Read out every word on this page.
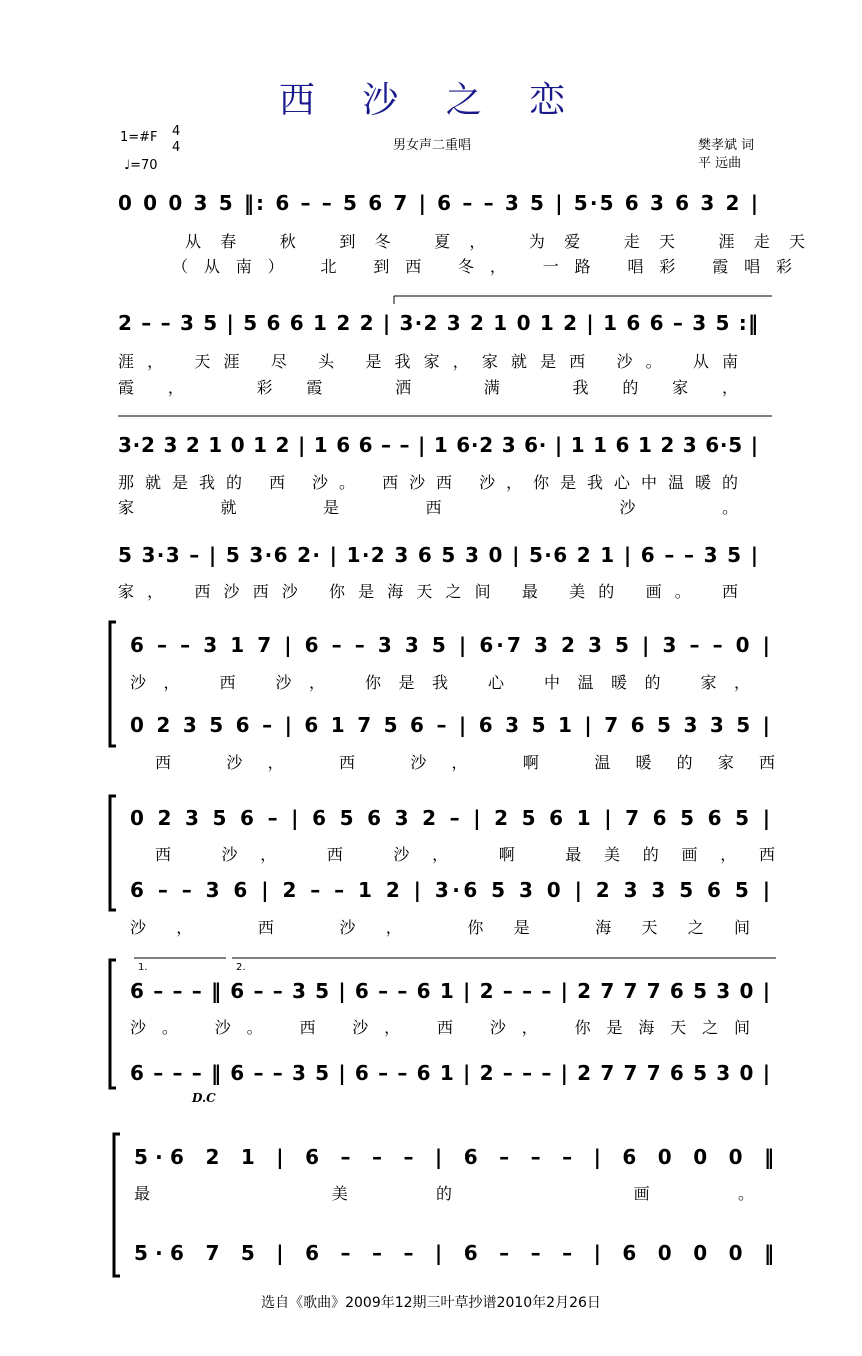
西 沙 之 恋
1=#F 4
4
♩=70
男女声二重唱	樊孝斌 词
平 远曲
0 0 0 3 5 ‖: 6 – – 5 6 7 | 6 – – 3 5 | 5·5 6 3 6 3 2 |
从春 秋 到冬 夏， 为爱 走天 涯走天
（从南） 北 到西 冬， 一路 唱彩 霞唱彩
2 – – 3 5 | 5 6 6 1 2 2 | 3·2 3 2 1 0 1 2 | 1 6 6 – 3 5 :‖
涯， 天涯 尽 头 是我家，家就是西 沙。 从南
霞， 彩霞 洒 满 我的家，
3·2 3 2 1 0 1 2 | 1 6 6 – – | 1 6·2 3 6· | 1 1 6 1 2 3 6·5 |
那就是我的 西 沙。 西沙西 沙，你是我心中温暖的
家就是西 沙。
5 3·3 – | 5 3·6 2· | 1·2 3 6 5 3 0 | 5·6 2 1 | 6 – – 3 5 |
家， 西沙西沙 你是海天之间 最 美的 画。 西
6 – – 3 1 7 | 6 – – 3 3 5 | 6·7 3 2 3 5 | 3 – – 0 |
沙， 西 沙， 你是我 心 中温暖的 家，
0 2 3 5 6 – | 6 1 7 5 6 – | 6 3 5 1 | 7 6 5 3 3 5 |
西 沙， 西 沙， 啊 温暖的家西
0 2 3 5 6 – | 6 5 6 3 2 – | 2 5 6 1 | 7 6 5 6 5 |
西 沙， 西 沙， 啊 最美的画，西
6 – – 3 6 | 2 – – 1 2 | 3·6 5 3 0 | 2 3 3 5 6 5 |
沙， 西 沙， 你是 海天之间
1.	2.
6 – – – ‖ 6 – – 3 5 | 6 – – 6 1 | 2 – – – | 2 7 7 7 6 5 3 0 |
沙。 沙。 西 沙， 西 沙， 你是海天之间
6 – – – ‖ 6 – – 3 5 | 6 – – 6 1 | 2 – – – | 2 7 7 7 6 5 3 0 |
D.C
5·6 2 1 | 6 – – – | 6 – – – | 6 0 0 0 ‖
最 美的 画。
5·6 7 5 | 6 – – – | 6 – – – | 6 0 0 0 ‖
选自《歌曲》2009年12期三叶草抄谱2010年2月26日
